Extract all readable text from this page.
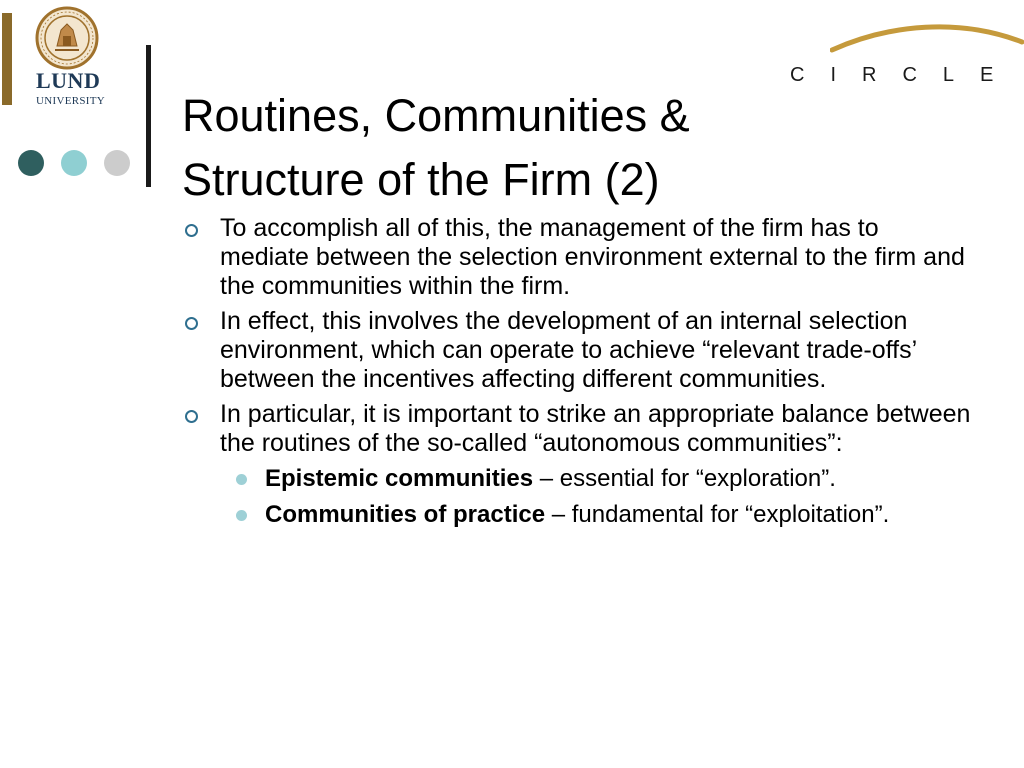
LUND
UNIVERSITY
CIRCLE
Routines, Communities &
Structure of the Firm (2)
To accomplish all of this, the management of the firm has to mediate between the selection environment external to the firm and the communities within the firm.
In effect, this involves the development of an internal selection environment, which can operate to achieve “relevant trade-offs’ between the incentives affecting different communities.
In particular, it is important to strike an appropriate balance between the routines of the so-called “autonomous communities”:
Epistemic communities – essential for “exploration”.
Communities of practice – fundamental for “exploitation”.
